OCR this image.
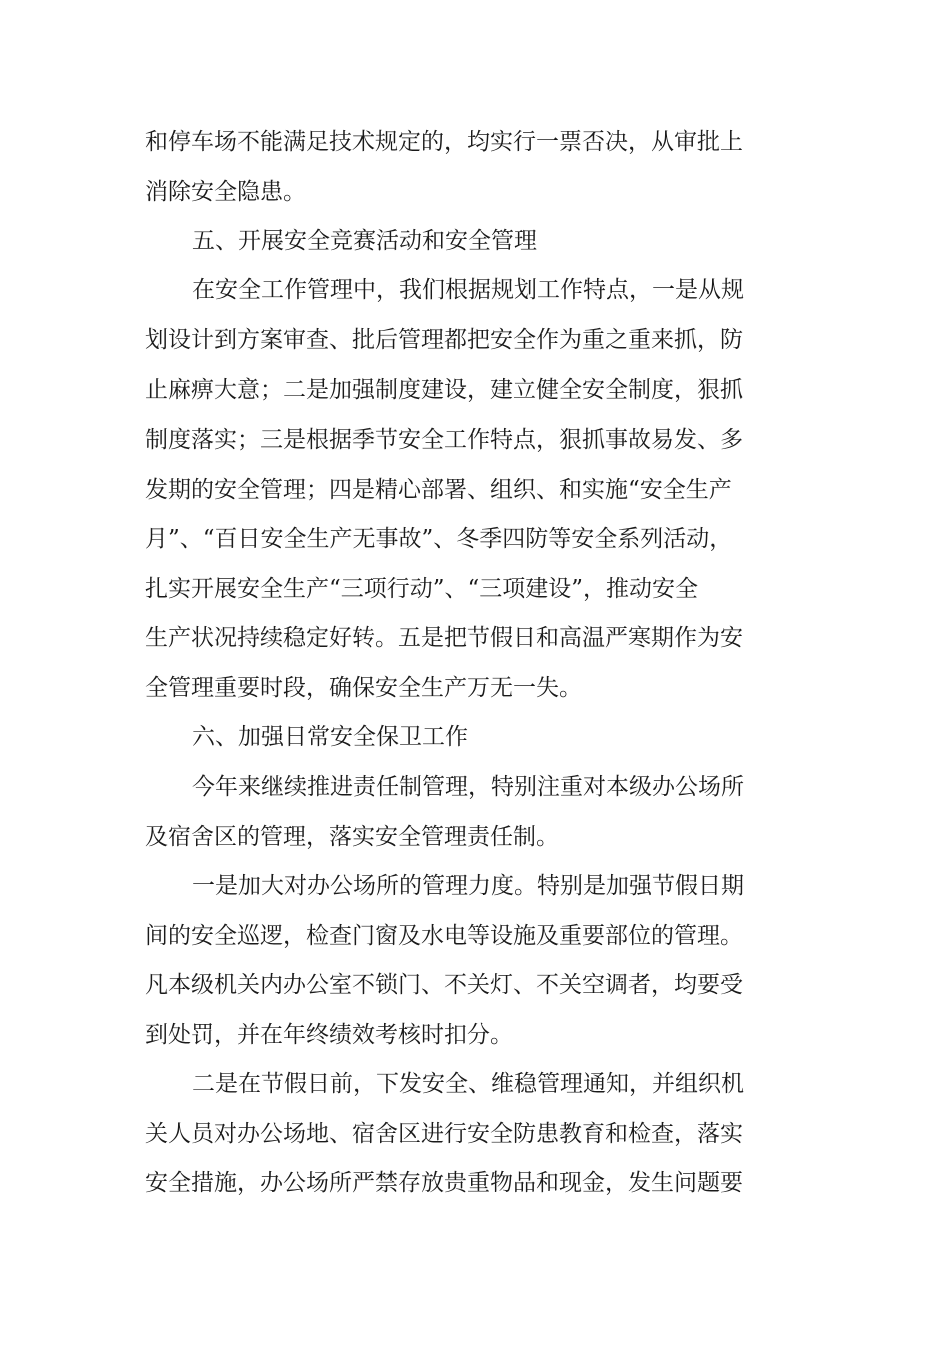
和停车场不能满足技术规定的，均实行一票否决，从审批上
消除安全隐患。
五、开展安全竞赛活动和安全管理
在安全工作管理中，我们根据规划工作特点，一是从规
划设计到方案审查、批后管理都把安全作为重之重来抓，防
止麻痹大意；二是加强制度建设，建立健全安全制度，狠抓
制度落实；三是根据季节安全工作特点，狠抓事故易发、多
发期的安全管理；四是精心部署、组织、和实施“安全生产
月”、“百日安全生产无事故”、冬季四防等安全系列活动，
扎实开展安全生产“三项行动”、“三项建设”，推动安全
生产状况持续稳定好转。五是把节假日和高温严寒期作为安
全管理重要时段，确保安全生产万无一失。
六、加强日常安全保卫工作
今年来继续推进责任制管理，特别注重对本级办公场所
及宿舍区的管理，落实安全管理责任制。
一是加大对办公场所的管理力度。特别是加强节假日期
间的安全巡逻，检查门窗及水电等设施及重要部位的管理。
凡本级机关内办公室不锁门、不关灯、不关空调者，均要受
到处罚，并在年终绩效考核时扣分。
二是在节假日前，下发安全、维稳管理通知，并组织机
关人员对办公场地、宿舍区进行安全防患教育和检查，落实
安全措施，办公场所严禁存放贵重物品和现金，发生问题要
